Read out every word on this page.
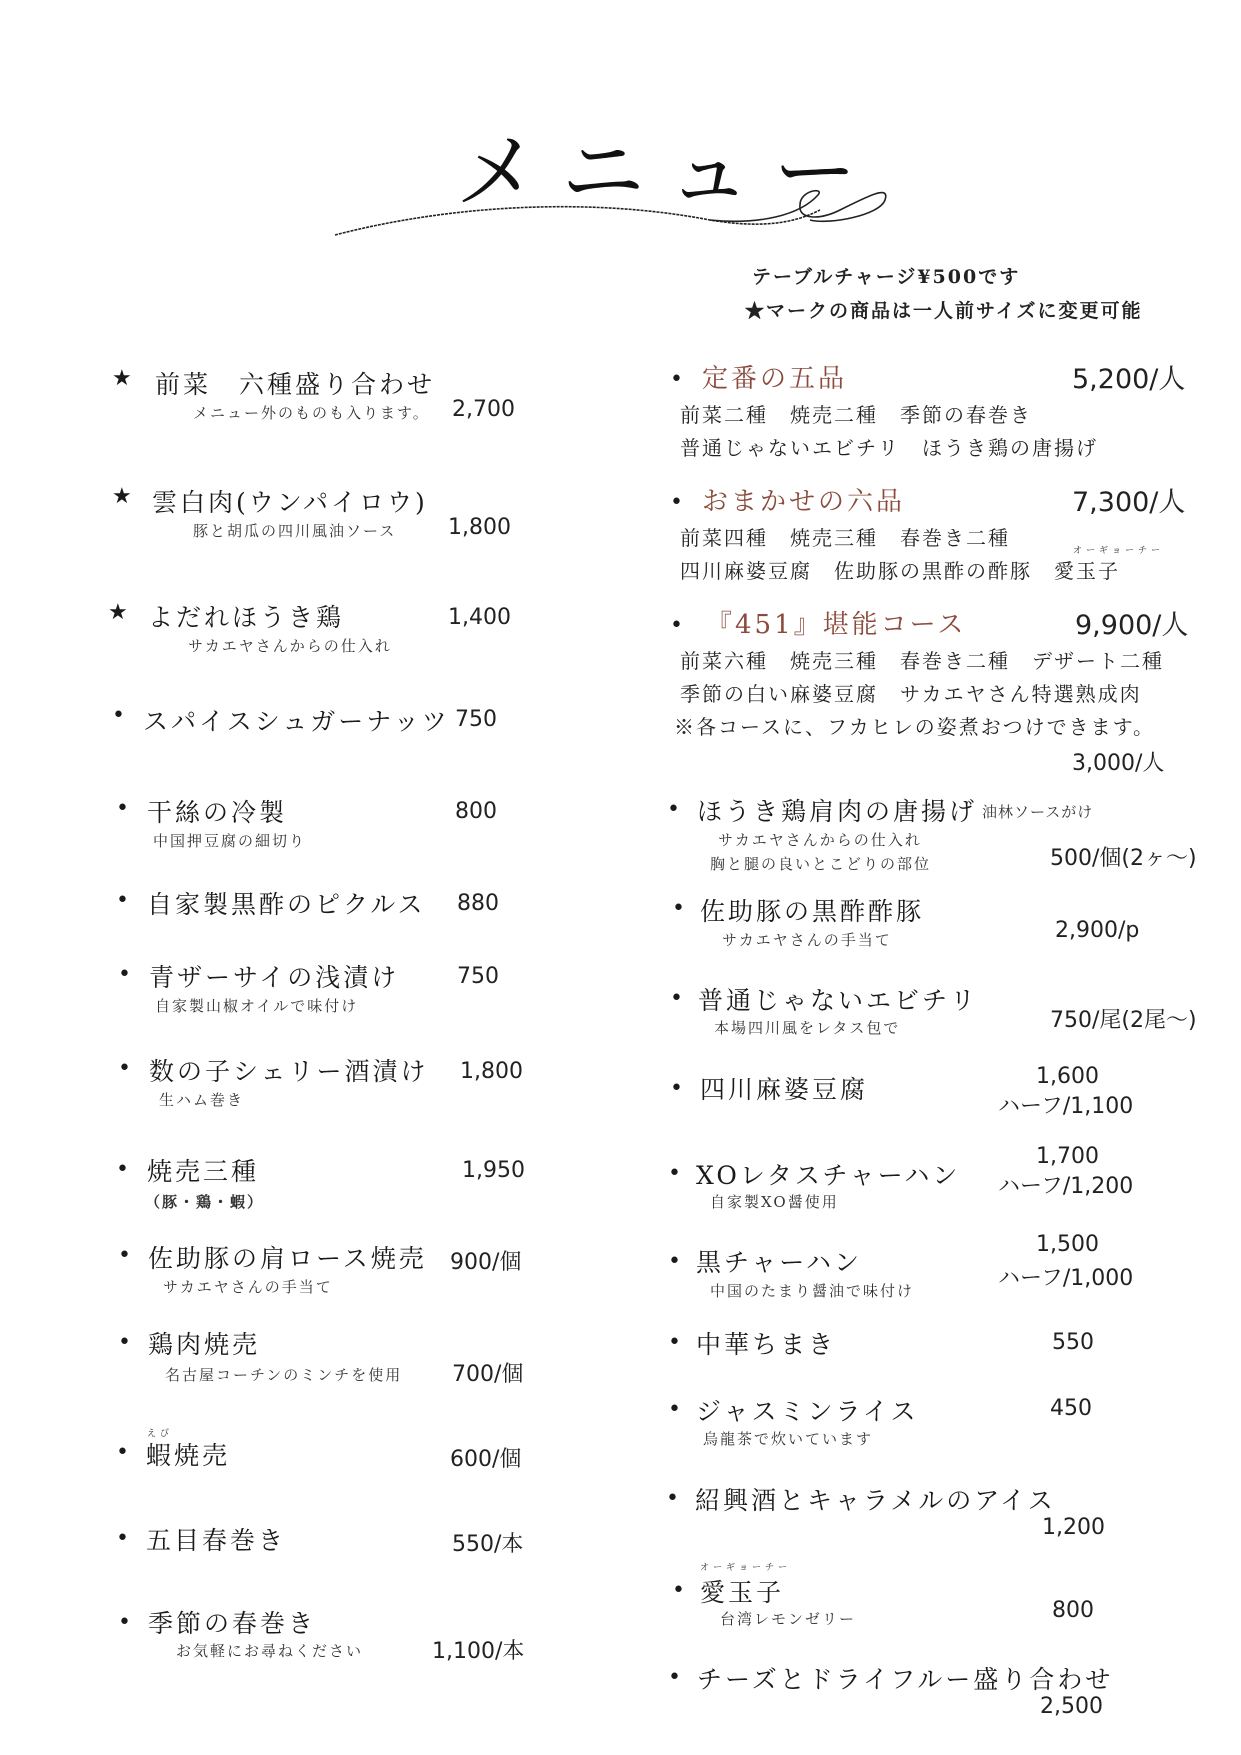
メニュー
テーブルチャージ¥500です
★マークの商品は一人前サイズに変更可能
★ 前菜　六種盛り合わせ
メニュー外のものも入ります。 2,700
★ 雲白肉(ウンパイロウ)
豚と胡瓜の四川風油ソース 1,800
★ よだれほうき鶏
サカエヤさんからの仕入れ
1,400
• スパイスシュガーナッツ 750
• 干絲の冷製
中国押豆腐の細切り
800
• 自家製黒酢のピクルス 880
• 青ザーサイの浅漬け
自家製山椒オイルで味付け
750
• 数の子シェリー酒漬け
生ハム巻き
1,800
• 焼売三種
（豚・鶏・蝦）
1,950
• 佐助豚の肩ロース焼売
サカエヤさんの手当て
900/個
• 鶏肉焼売
名古屋コーチンのミンチを使用 700/個
えび
• 蝦焼売	600/個
• 五目春巻き	550/本
• 季節の春巻き
お気軽にお尋ねください	1,100/本
• 定番の五品	5,200/人
前菜二種　焼売二種　季節の春巻き
普通じゃないエビチリ　ほうき鶏の唐揚げ
• おまかせの六品	7,300/人
前菜四種　焼売三種　春巻き二種
オーギョーチー
四川麻婆豆腐　佐助豚の黒酢の酢豚　愛玉子
• 『451』堪能コース	9,900/人
前菜六種　焼売三種　春巻き二種　デザート二種
季節の白い麻婆豆腐　サカエヤさん特選熟成肉
※各コースに、フカヒレの姿煮おつけできます。
3,000/人
• ほうき鶏肩肉の唐揚げ 油林ソースがけ
サカエヤさんからの仕入れ
胸と腿の良いとこどりの部位	500/個(2ヶ〜)
• 佐助豚の黒酢酢豚
サカエヤさんの手当て	2,900/p
• 普通じゃないエビチリ
本場四川風をレタス包で	750/尾(2尾〜)
• 四川麻婆豆腐	1,600
ハーフ/1,100
• XOレタスチャーハン
自家製XO醤使用
1,700
ハーフ/1,200
• 黒チャーハン
中国のたまり醤油で味付け
1,500
ハーフ/1,000
• 中華ちまき	550
• ジャスミンライス
烏龍茶で炊いています
450
• 紹興酒とキャラメルのアイス
1,200
オーギョーチー
• 愛玉子
台湾レモンゼリー	800
• チーズとドライフルー盛り合わせ
2,500
